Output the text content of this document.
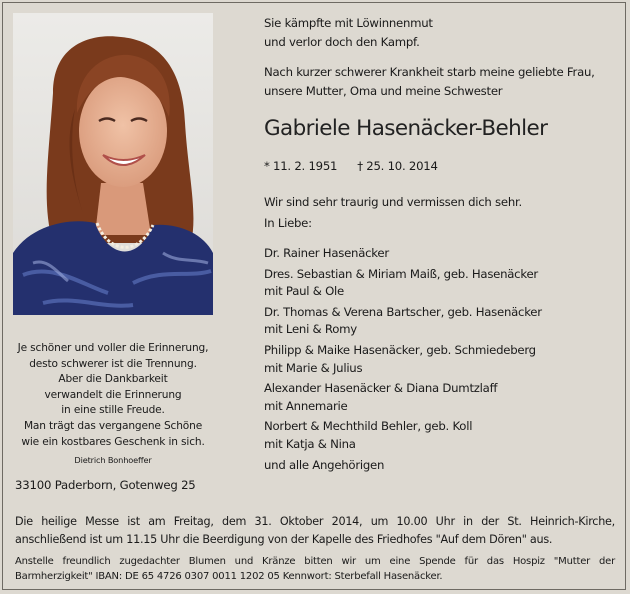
Je schöner und voller die Erinnerung,
desto schwerer ist die Trennung.
Aber die Dankbarkeit
verwandelt die Erinnerung
in eine stille Freude.
Man trägt das vergangene Schöne
wie ein kostbares Geschenk in sich.
Dietrich Bonhoeffer
Sie kämpfte mit Löwinnenmut
und verlor doch den Kampf.
Nach kurzer schwerer Krankheit starb meine geliebte Frau,
unsere Mutter, Oma und meine Schwester
Gabriele Hasenäcker-Behler
* 11. 2. 1951 † 25. 10. 2014
Wir sind sehr traurig und vermissen dich sehr.
In Liebe:
Dr. Rainer Hasenäcker
Dres. Sebastian & Miriam Maiß, geb. Hasenäcker
mit Paul & Ole
Dr. Thomas & Verena Bartscher, geb. Hasenäcker
mit Leni & Romy
Philipp & Maike Hasenäcker, geb. Schmiedeberg
mit Marie & Julius
Alexander Hasenäcker & Diana Dumtzlaff
mit Annemarie
Norbert & Mechthild Behler, geb. Koll
mit Katja & Nina
und alle Angehörigen
33100 Paderborn, Gotenweg 25
Die heilige Messe ist am Freitag, dem 31. Oktober 2014, um 10.00 Uhr in der St. Heinrich-Kirche,
anschließend ist um 11.15 Uhr die Beerdigung von der Kapelle des Friedhofes "Auf dem Dören" aus.
Anstelle freundlich zugedachter Blumen und Kränze bitten wir um eine Spende für das Hospiz "Mutter der
Barmherzigkeit" IBAN: DE 65 4726 0307 0011 1202 05 Kennwort: Sterbefall Hasenäcker.
